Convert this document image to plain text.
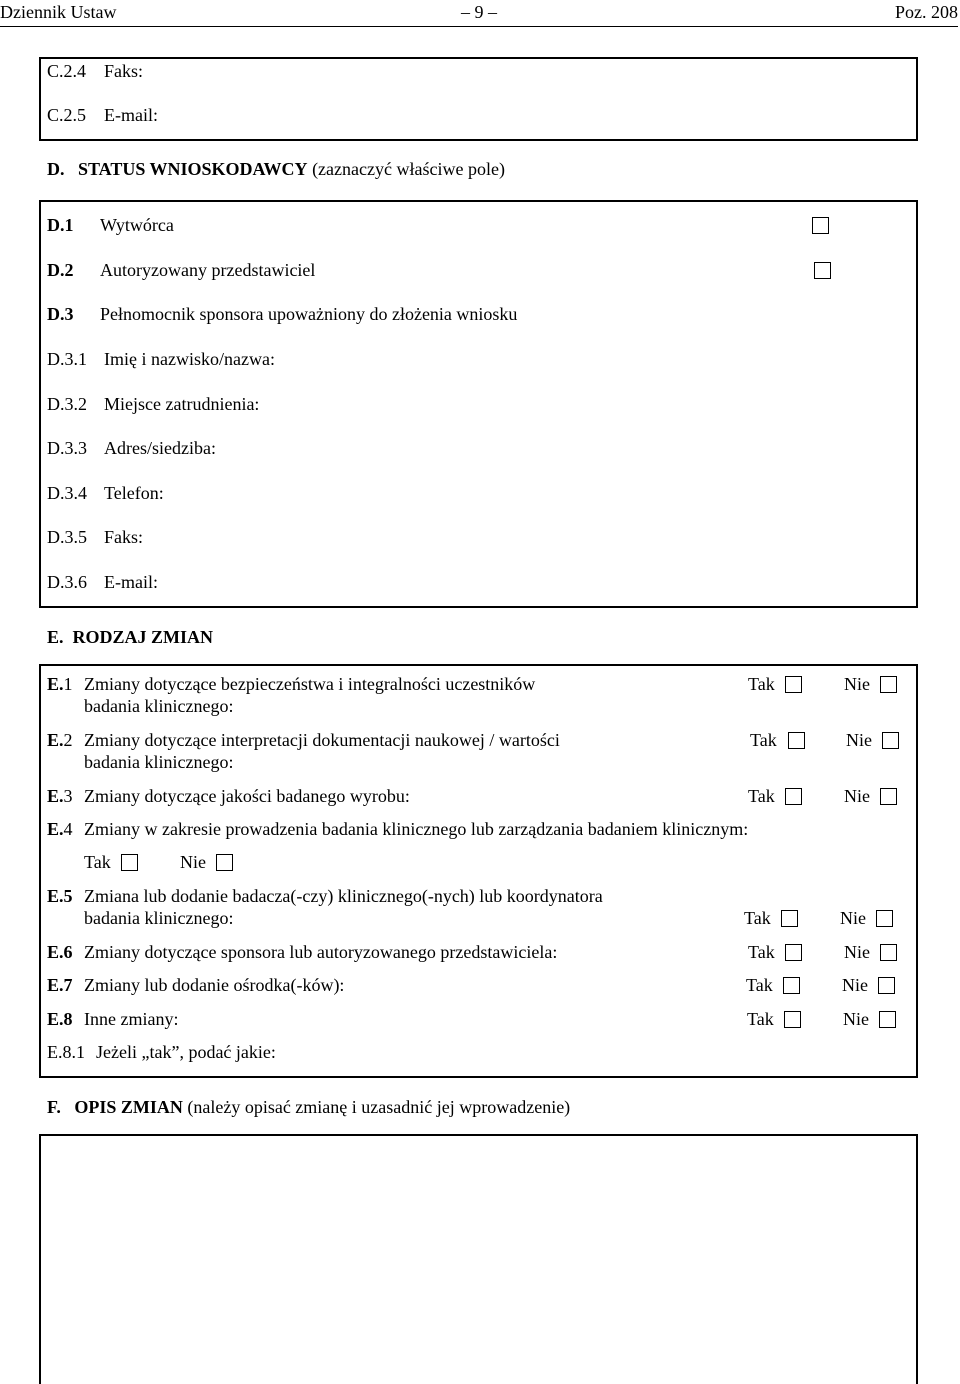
Dziennik Ustaw	– 9 –	Poz. 208
C.2.4 Faks:
C.2.5 E-mail:
D. STATUS WNIOSKODAWCY (zaznaczyć właściwe pole)
D.1 Wytwórca
D.2 Autoryzowany przedstawiciel
D.3 Pełnomocnik sponsora upoważniony do złożenia wniosku
D.3.1 Imię i nazwisko/nazwa:
D.3.2 Miejsce zatrudnienia:
D.3.3 Adres/siedziba:
D.3.4 Telefon:
D.3.5 Faks:
D.3.6 E-mail:
E. RODZAJ ZMIAN
E.1 Zmiany dotyczące bezpieczeństwa i integralności uczestników
badania klinicznego:
Tak	Nie
E.2 Zmiany dotyczące interpretacji dokumentacji naukowej / wartości
badania klinicznego:
Tak	Nie
E.3 Zmiany dotyczące jakości badanego wyrobu:	Tak	Nie
E.4 Zmiany w zakresie prowadzenia badania klinicznego lub zarządzania badaniem klinicznym:
Tak	Nie
E.5 Zmiana lub dodanie badacza(-czy) klinicznego(-nych) lub koordynatora
badania klinicznego:	Tak	Nie
E.6 Zmiany dotyczące sponsora lub autoryzowanego przedstawiciela:	Tak	Nie
E.7 Zmiany lub dodanie ośrodka(-ków):	Tak	Nie
E.8 Inne zmiany:	Tak	Nie
E.8.1 Jeżeli „tak”, podać jakie:
F. OPIS ZMIAN (należy opisać zmianę i uzasadnić jej wprowadzenie)
